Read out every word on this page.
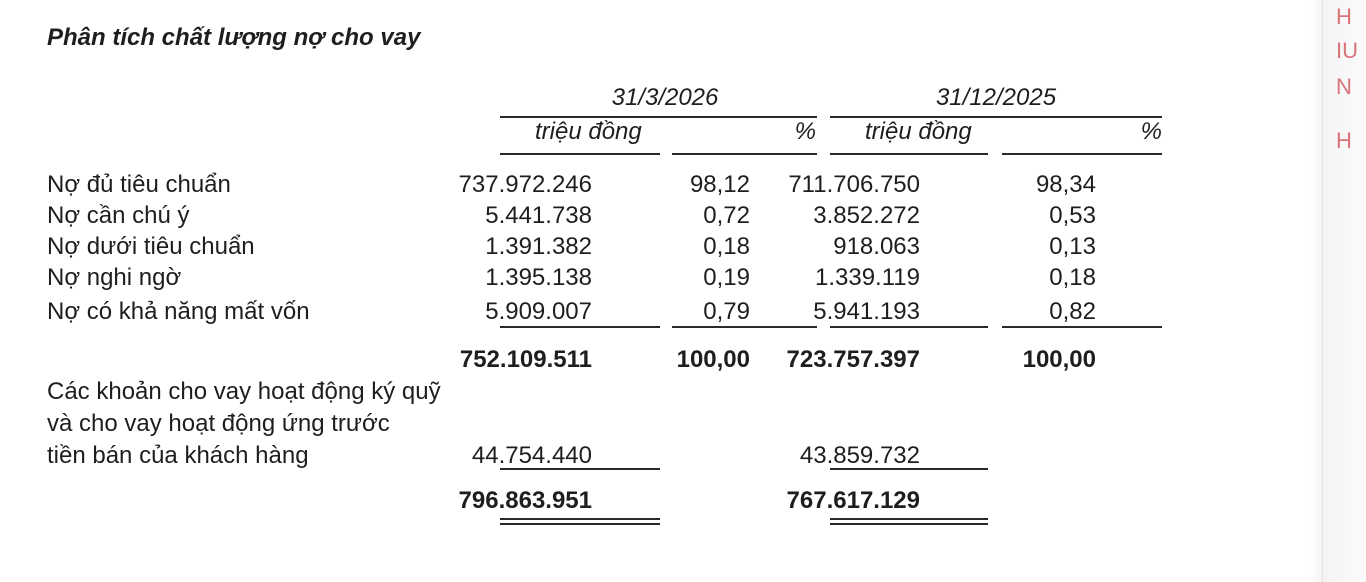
H
IU
N
H
Phân tích chất lượng nợ cho vay
31/3/2026	31/12/2025
triệu đồng	% triệu đồng	%
Nợ đủ tiêu chuẩn	737.972.246	98,12 711.706.750	98,34
Nợ cần chú ý	5.441.738	0,72	3.852.272	0,53
Nợ dưới tiêu chuẩn	1.391.382	0,18	918.063	0,13
Nợ nghi ngờ	1.395.138	0,19	1.339.119	0,18
Nợ có khả năng mất vốn	5.909.007	0,79	5.941.193	0,82
752.109.511	100,00 723.757.397	100,00
Các khoản cho vay hoạt động ký quỹ
và cho vay hoạt động ứng trước
tiền bán của khách hàng	44.754.440	43.859.732
796.863.951	767.617.129
